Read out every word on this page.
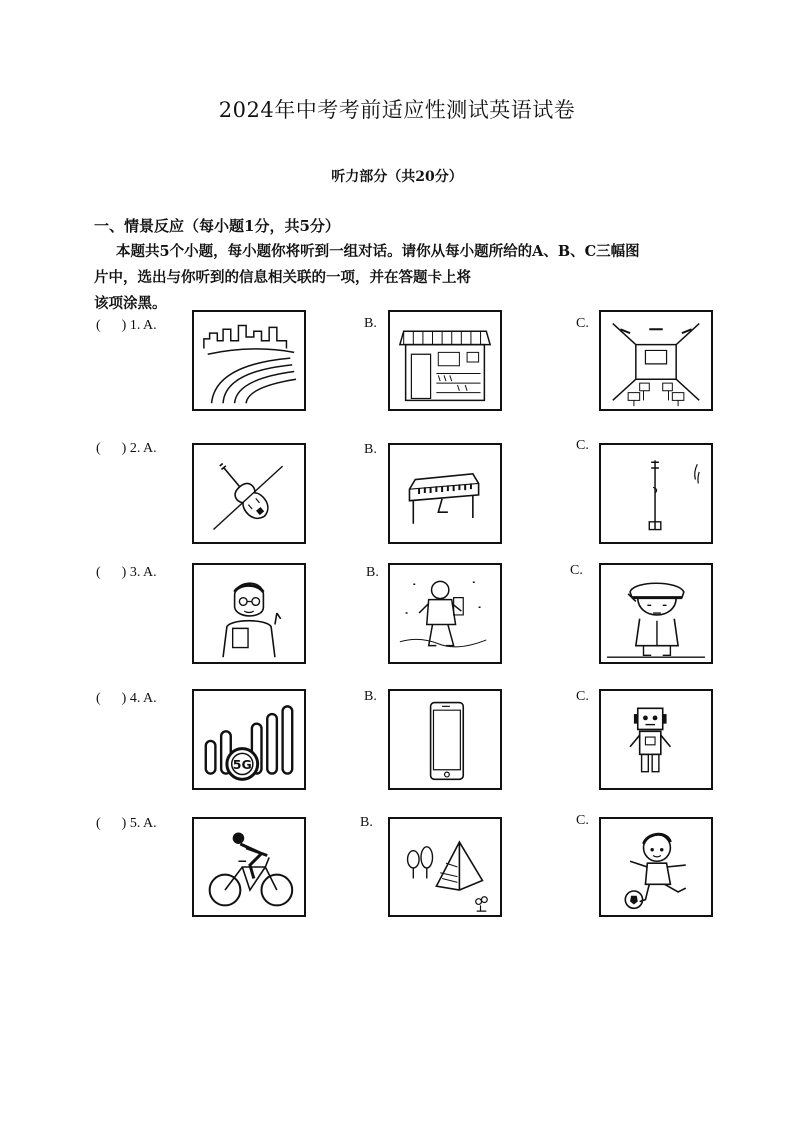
2024年中考考前适应性测试英语试卷
听力部分（共20分）
一、情景反应（每小题1分，共5分）
本题共5个小题，每小题你将听到一组对话。请你从每小题所给的A、B、C三幅图
片中，选出与你听到的信息相关联的一项，并在答题卡上将
该项涂黑。
(      ) 1. A.	B.	C.
(      ) 2. A.	B.	C.
(      ) 3. A.	B.	C.
(      ) 4. A.	B.	C.
5G
(      ) 5. A.	B.	C.
